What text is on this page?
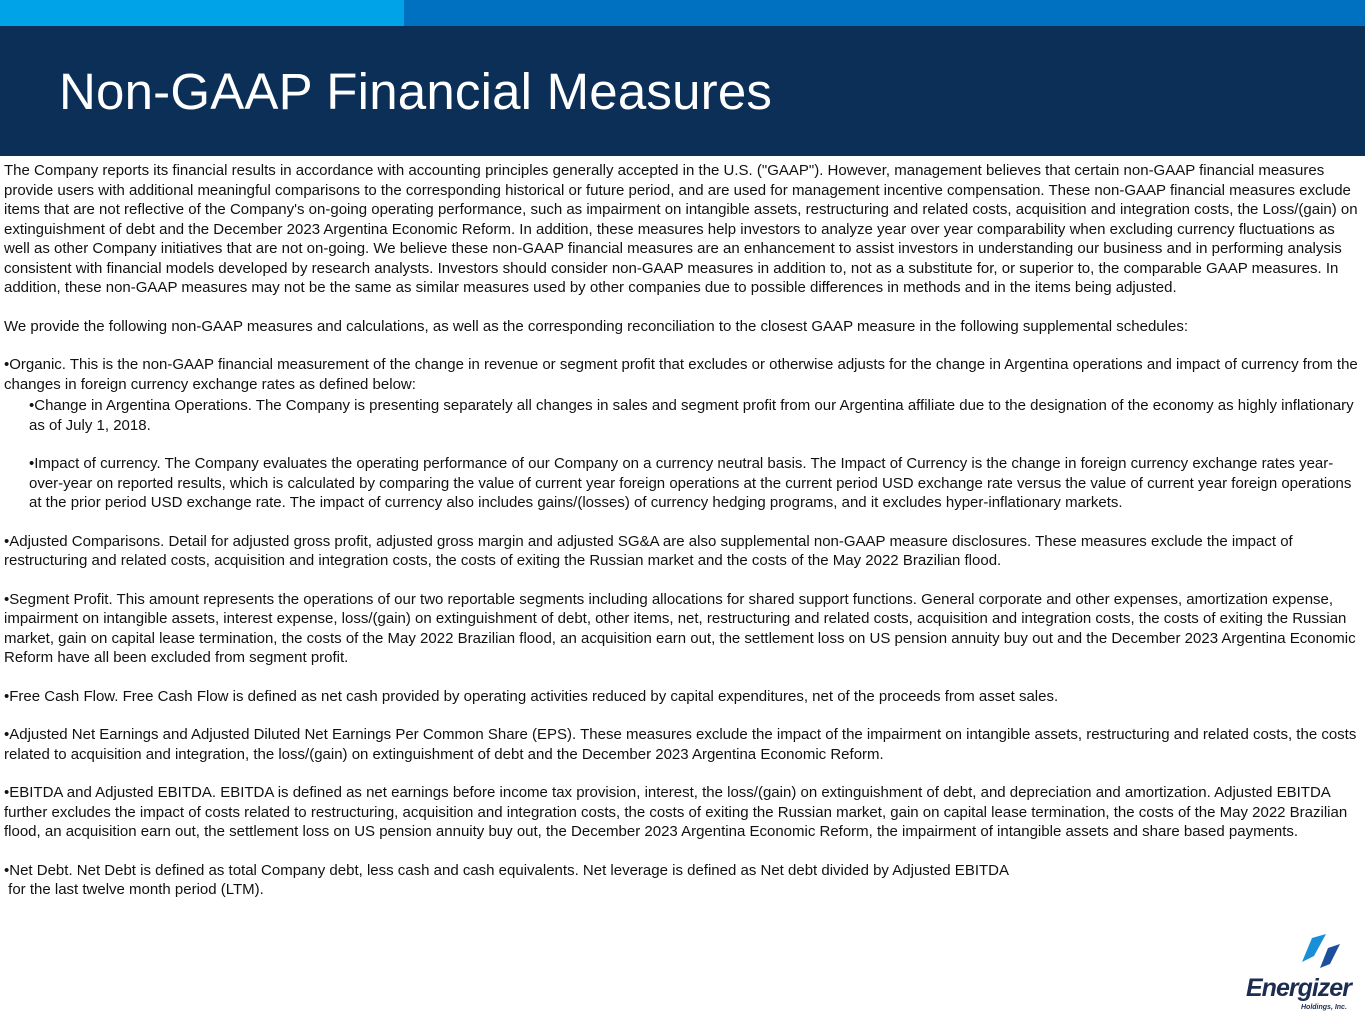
Non-GAAP Financial Measures

The Company reports its financial results in accordance with accounting principles generally accepted in the U.S. ("GAAP"). However, management believes that certain non-GAAP financial measures provide users with additional meaningful comparisons to the corresponding historical or future period, and are used for management incentive compensation. These non-GAAP financial measures exclude items that are not reflective of the Company's on-going operating performance, such as impairment on intangible assets, restructuring and related costs, acquisition and integration costs, the Loss/(gain) on extinguishment of debt and the December 2023 Argentina Economic Reform. In addition, these measures help investors to analyze year over year comparability when excluding currency fluctuations as well as other Company initiatives that are not on-going. We believe these non-GAAP financial measures are an enhancement to assist investors in understanding our business and in performing analysis consistent with financial models developed by research analysts. Investors should consider non-GAAP measures in addition to, not as a substitute for, or superior to, the comparable GAAP measures. In addition, these non-GAAP measures may not be the same as similar measures used by other companies due to possible differences in methods and in the items being adjusted.

We provide the following non-GAAP measures and calculations, as well as the corresponding reconciliation to the closest GAAP measure in the following supplemental schedules:

•Organic. This is the non-GAAP financial measurement of the change in revenue or segment profit that excludes or otherwise adjusts for the change in Argentina operations and impact of currency from the changes in foreign currency exchange rates as defined below:

•Change in Argentina Operations. The Company is presenting separately all changes in sales and segment profit from our Argentina affiliate due to the designation of the economy as highly inflationary as of July 1, 2018.

•Impact of currency. The Company evaluates the operating performance of our Company on a currency neutral basis. The Impact of Currency is the change in foreign currency exchange rates year-over-year on reported results, which is calculated by comparing the value of current year foreign operations at the current period USD exchange rate versus the value of current year foreign operations at the prior period USD exchange rate. The impact of currency also includes gains/(losses) of currency hedging programs, and it excludes hyper-inflationary markets.

•Adjusted Comparisons. Detail for adjusted gross profit, adjusted gross margin and adjusted SG&A are also supplemental non-GAAP measure disclosures. These measures exclude the impact of restructuring and related costs, acquisition and integration costs, the costs of exiting the Russian market and the costs of the May 2022 Brazilian flood.

•Segment Profit. This amount represents the operations of our two reportable segments including allocations for shared support functions. General corporate and other expenses, amortization expense, impairment on intangible assets, interest expense, loss/(gain) on extinguishment of debt, other items, net, restructuring and related costs, acquisition and integration costs, the costs of exiting the Russian market, gain on capital lease termination, the costs of the May 2022 Brazilian flood, an acquisition earn out, the settlement loss on US pension annuity buy out and the December 2023 Argentina Economic Reform have all been excluded from segment profit.

•Free Cash Flow. Free Cash Flow is defined as net cash provided by operating activities reduced by capital expenditures, net of the proceeds from asset sales.

•Adjusted Net Earnings and Adjusted Diluted Net Earnings Per Common Share (EPS). These measures exclude the impact of the impairment on intangible assets, restructuring and related costs, the costs related to acquisition and integration, the loss/(gain) on extinguishment of debt and the December 2023 Argentina Economic Reform.

•EBITDA and Adjusted EBITDA. EBITDA is defined as net earnings before income tax provision, interest, the loss/(gain) on extinguishment of debt, and depreciation and amortization. Adjusted EBITDA further excludes the impact of costs related to restructuring, acquisition and integration costs, the costs of exiting the Russian market, gain on capital lease termination, the costs of the May 2022 Brazilian flood, an acquisition earn out, the settlement loss on US pension annuity buy out, the December 2023 Argentina Economic Reform, the impairment of intangible assets and share based payments.

•Net Debt. Net Debt is defined as total Company debt, less cash and cash equivalents. Net leverage is defined as Net debt divided by Adjusted EBITDA

for the last twelve month period (LTM).

Energizer
Holdings, Inc.
